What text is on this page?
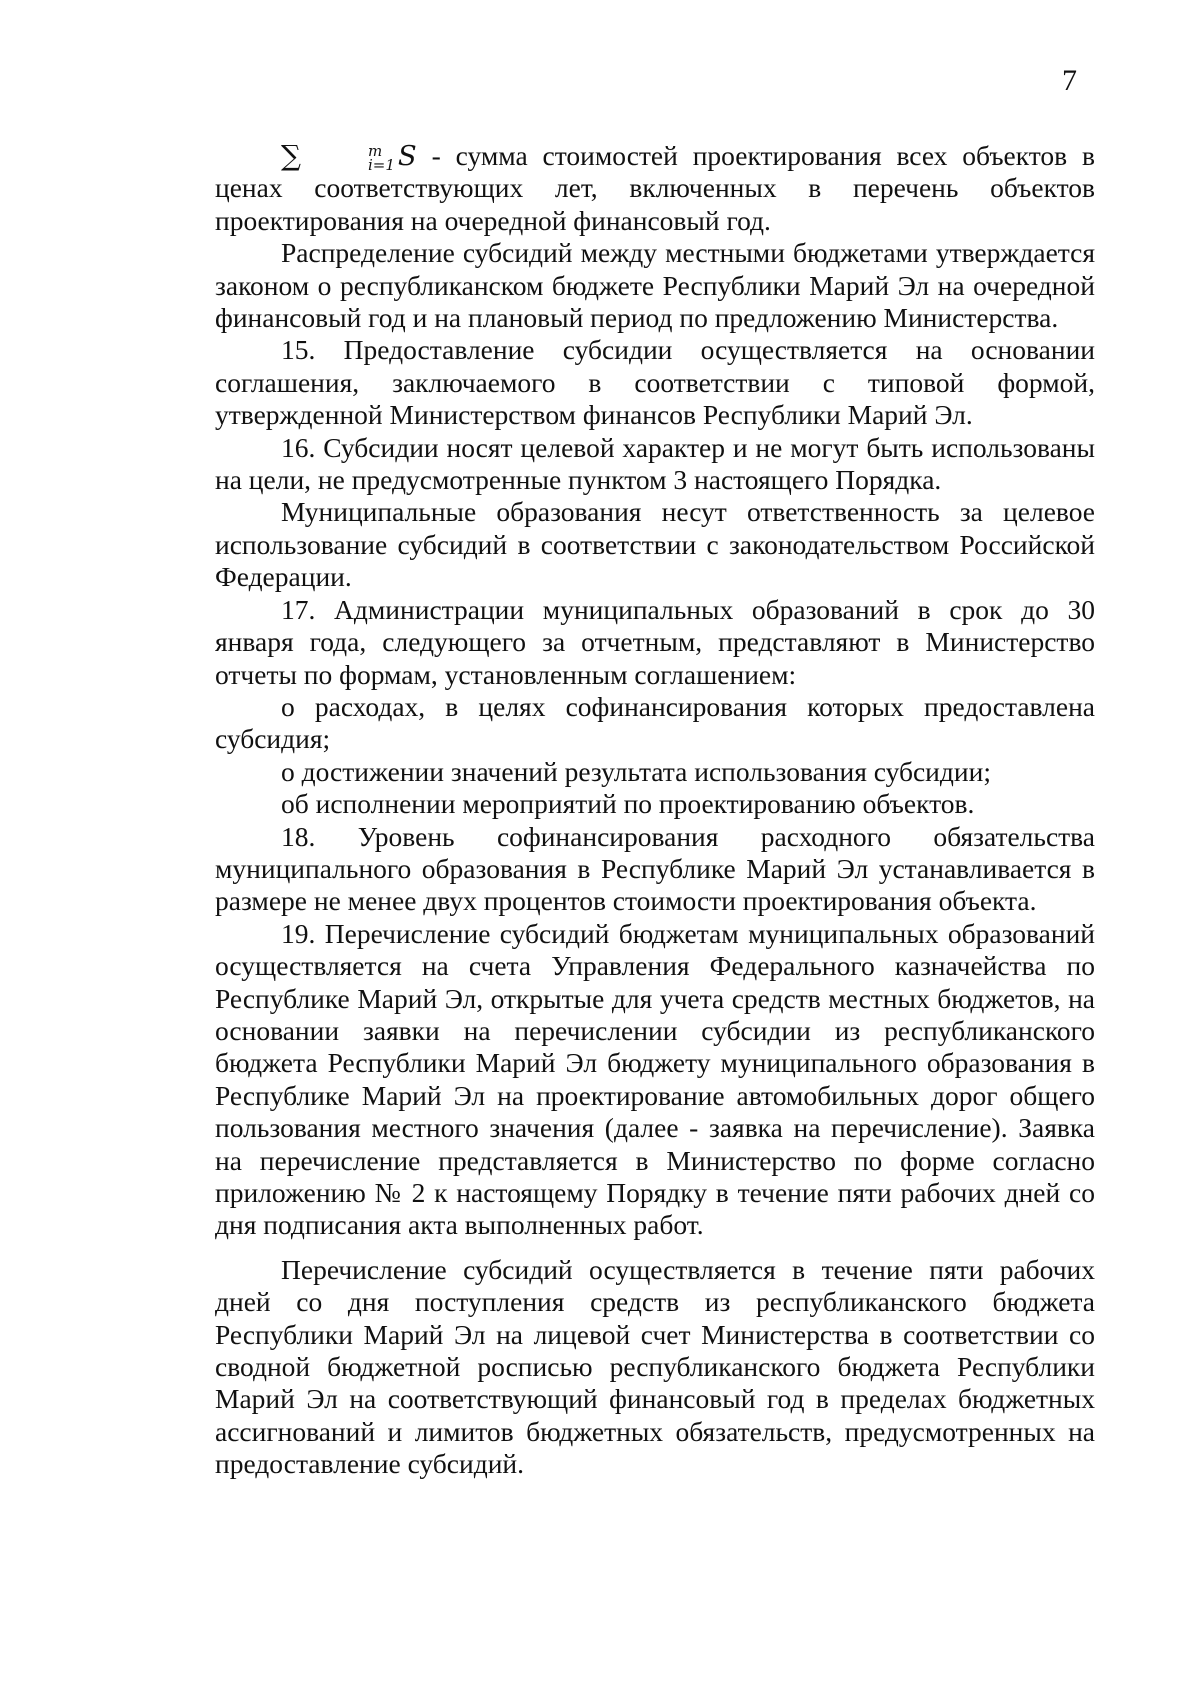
7

∑	m
i=1 S - сумма стоимостей проектирования всех объектов в ценах соответствующих лет, включенных в перечень объектов проектирования на очередной финансовый год.

Распределение субсидий между местными бюджетами утверждается законом о республиканском бюджете Республики Марий Эл на очередной финансовый год и на плановый период по предложению Министерства.

15. Предоставление субсидии осуществляется на основании соглашения, заключаемого в соответствии с типовой формой, утвержденной Министерством финансов Республики Марий Эл.

16. Субсидии носят целевой характер и не могут быть использованы на цели, не предусмотренные пунктом 3 настоящего Порядка.

Муниципальные образования несут ответственность за целевое использование субсидий в соответствии с законодательством Российской Федерации.

17. Администрации муниципальных образований в срок до 30 января года, следующего за отчетным, представляют в Министерство отчеты по формам, установленным соглашением:

о расходах, в целях софинансирования которых предоставлена субсидия;

о достижении значений результата использования субсидии;

об исполнении мероприятий по проектированию объектов.

18. Уровень софинансирования расходного обязательства муниципального образования в Республике Марий Эл устанавливается в размере не менее двух процентов стоимости проектирования объекта.

19. Перечисление субсидий бюджетам муниципальных образований осуществляется на счета Управления Федерального казначейства по Республике Марий Эл, открытые для учета средств местных бюджетов, на основании заявки на перечислении субсидии из республиканского бюджета Республики Марий Эл бюджету муниципального образования в Республике Марий Эл на проектирование автомобильных дорог общего пользования местного значения (далее - заявка на перечисление). Заявка на перечисление представляется в Министерство по форме согласно приложению № 2 к настоящему Порядку в течение пяти рабочих дней со дня подписания акта выполненных работ.

Перечисление субсидий осуществляется в течение пяти рабочих дней со дня поступления средств из республиканского бюджета Республики Марий Эл на лицевой счет Министерства в соответствии со сводной бюджетной росписью республиканского бюджета Республики Марий Эл на соответствующий финансовый год в пределах бюджетных ассигнований и лимитов бюджетных обязательств, предусмотренных на предоставление субсидий.
